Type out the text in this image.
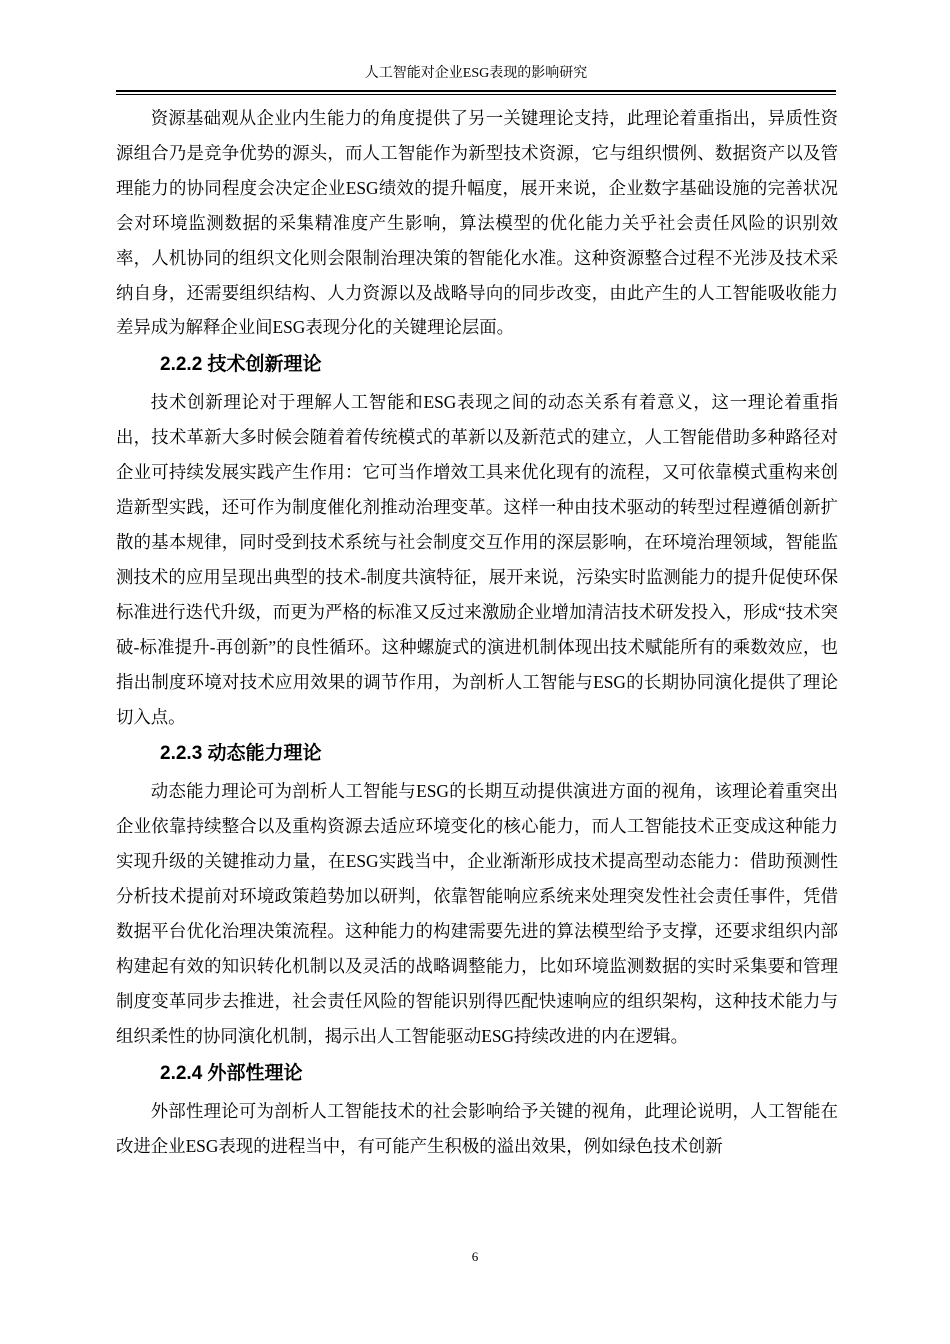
人工智能对企业ESG表现的影响研究

资源基础观从企业内生能力的角度提供了另一关键理论支持，此理论着重指出，异质性资源组合乃是竞争优势的源头，而人工智能作为新型技术资源，它与组织惯例、数据资产以及管理能力的协同程度会决定企业ESG绩效的提升幅度，展开来说，企业数字基础设施的完善状况会对环境监测数据的采集精准度产生影响，算法模型的优化能力关乎社会责任风险的识别效率，人机协同的组织文化则会限制治理决策的智能化水准。这种资源整合过程不光涉及技术采纳自身，还需要组织结构、人力资源以及战略导向的同步改变，由此产生的人工智能吸收能力差异成为解释企业间ESG表现分化的关键理论层面。

2.2.2 技术创新理论

技术创新理论对于理解人工智能和ESG表现之间的动态关系有着意义，这一理论着重指出，技术革新大多时候会随着着传统模式的革新以及新范式的建立，人工智能借助多种路径对企业可持续发展实践产生作用：它可当作增效工具来优化现有的流程，又可依靠模式重构来创造新型实践，还可作为制度催化剂推动治理变革。这样一种由技术驱动的转型过程遵循创新扩散的基本规律，同时受到技术系统与社会制度交互作用的深层影响，在环境治理领域，智能监测技术的应用呈现出典型的技术-制度共演特征，展开来说，污染实时监测能力的提升促使环保标准进行迭代升级，而更为严格的标准又反过来激励企业增加清洁技术研发投入，形成“技术突破-标准提升-再创新”的良性循环。这种螺旋式的演进机制体现出技术赋能所有的乘数效应，也指出制度环境对技术应用效果的调节作用，为剖析人工智能与ESG的长期协同演化提供了理论切入点。

2.2.3 动态能力理论

动态能力理论可为剖析人工智能与ESG的长期互动提供演进方面的视角，该理论着重突出企业依靠持续整合以及重构资源去适应环境变化的核心能力，而人工智能技术正变成这种能力实现升级的关键推动力量，在ESG实践当中，企业渐渐形成技术提高型动态能力：借助预测性分析技术提前对环境政策趋势加以研判，依靠智能响应系统来处理突发性社会责任事件，凭借数据平台优化治理决策流程。这种能力的构建需要先进的算法模型给予支撑，还要求组织内部构建起有效的知识转化机制以及灵活的战略调整能力，比如环境监测数据的实时采集要和管理制度变革同步去推进，社会责任风险的智能识别得匹配快速响应的组织架构，这种技术能力与组织柔性的协同演化机制，揭示出人工智能驱动ESG持续改进的内在逻辑。

2.2.4 外部性理论

外部性理论可为剖析人工智能技术的社会影响给予关键的视角，此理论说明，人工智能在改进企业ESG表现的进程当中，有可能产生积极的溢出效果，例如绿色技术创新

6
